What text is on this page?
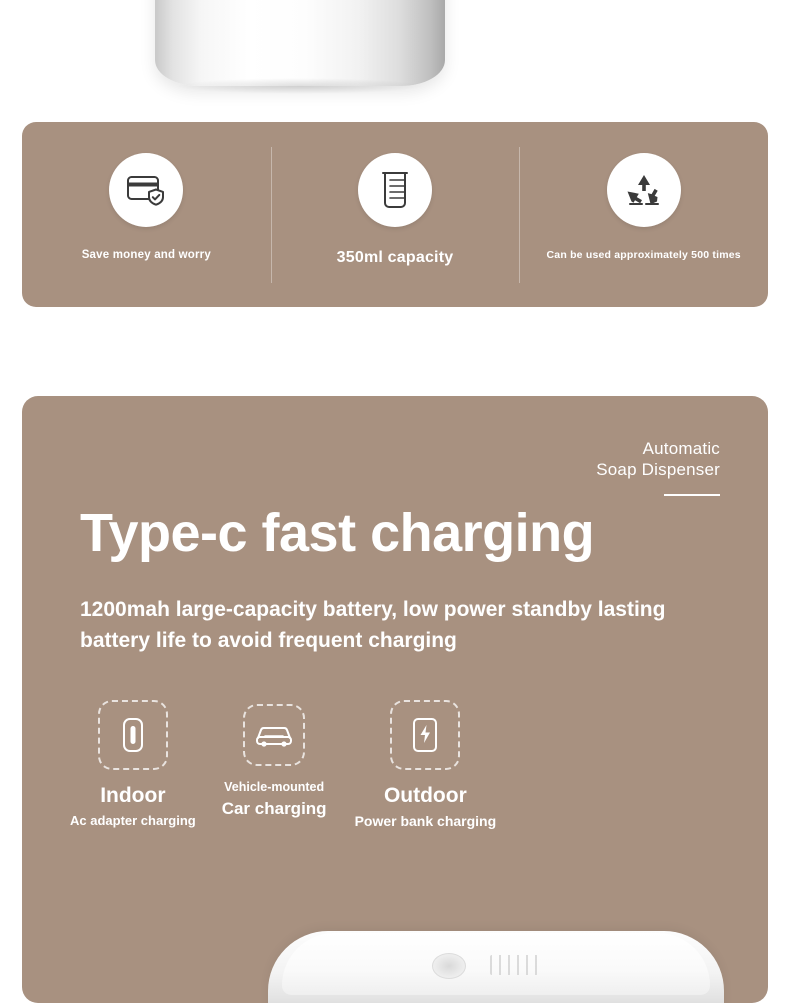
Save money and worry	350ml capacity	Can be used approximately 500 times
Automatic
Soap Dispenser
Type-c fast charging
1200mah large-capacity battery, low power standby lasting battery life to avoid frequent charging
Indoor
Ac adapter charging
Vehicle-mounted
Car charging
Outdoor
Power bank charging
